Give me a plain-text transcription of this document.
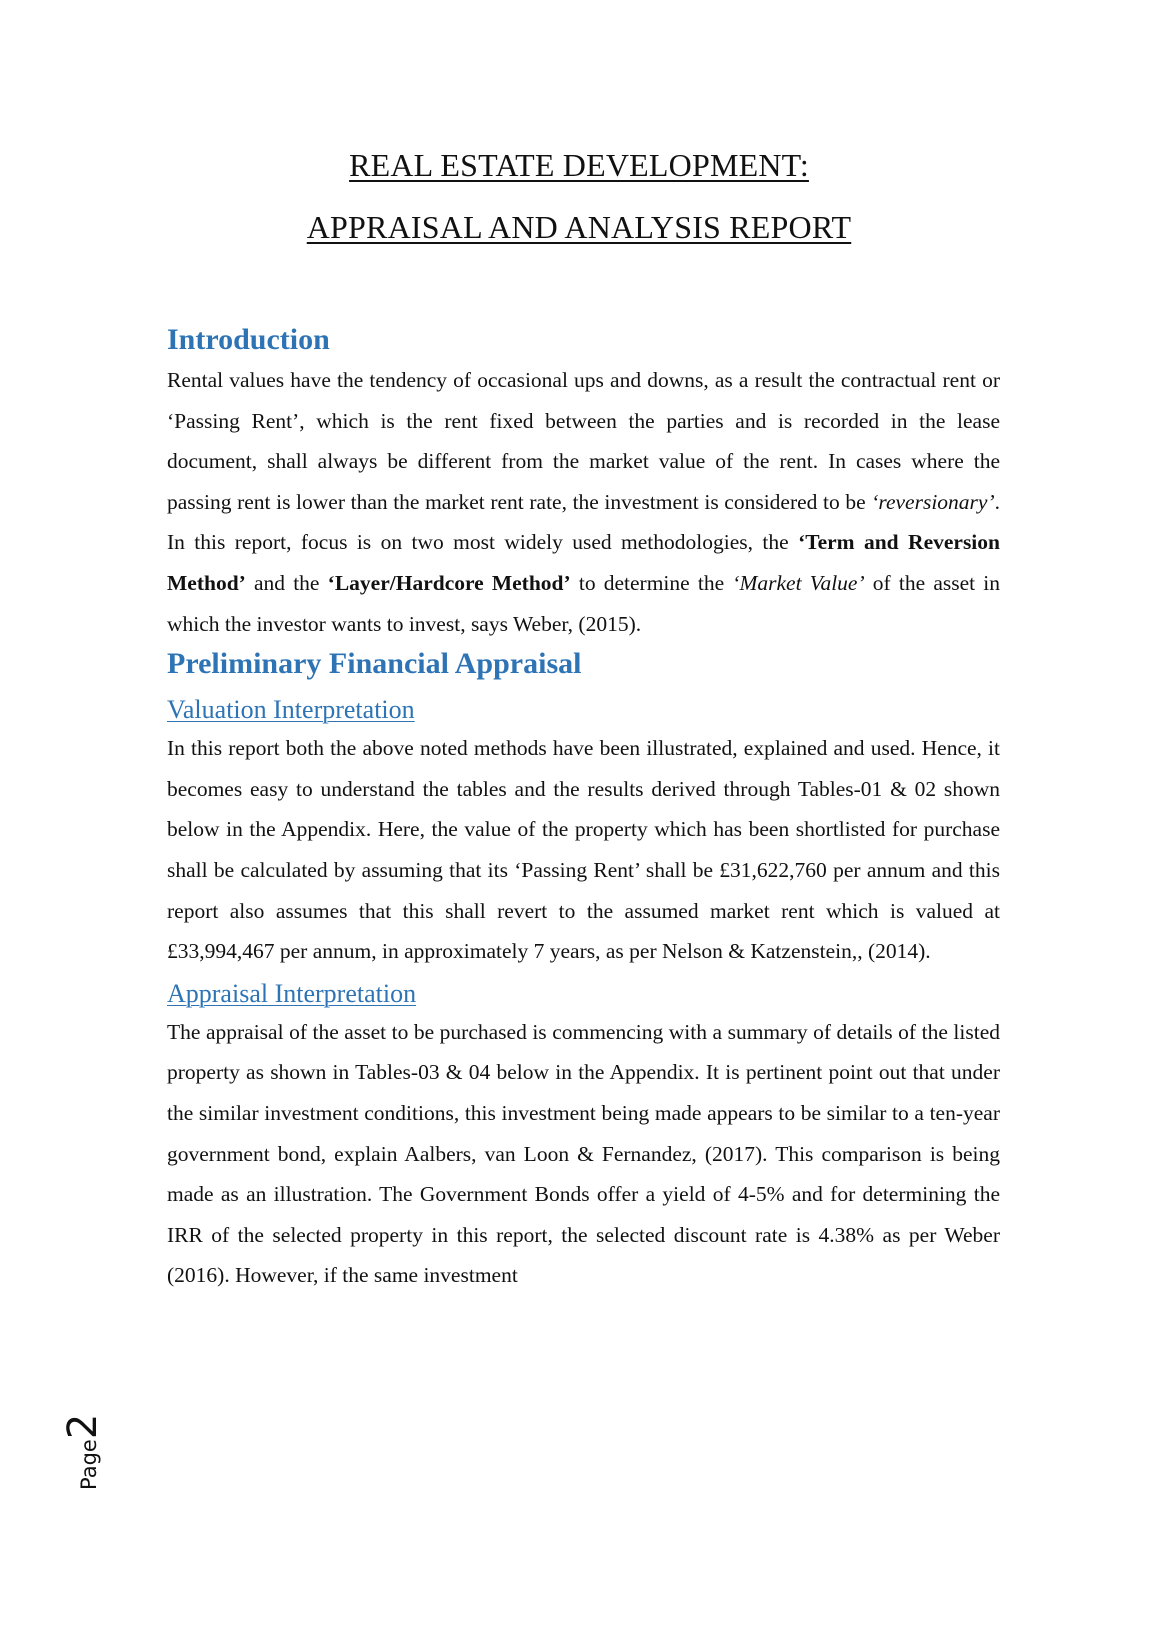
REAL ESTATE DEVELOPMENT:
APPRAISAL AND ANALYSIS REPORT
Introduction

Rental values have the tendency of occasional ups and downs, as a result the contractual rent or ‘Passing Rent’, which is the rent fixed between the parties and is recorded in the lease document, shall always be different from the market value of the rent. In cases where the passing rent is lower than the market rent rate, the investment is considered to be ‘reversionary’. In this report, focus is on two most widely used methodologies, the ‘Term and Reversion Method’ and the ‘Layer/Hardcore Method’ to determine the ‘Market Value’ of the asset in which the investor wants to invest, says Weber, (2015).

Preliminary Financial Appraisal
Valuation Interpretation

In this report both the above noted methods have been illustrated, explained and used. Hence, it becomes easy to understand the tables and the results derived through Tables-01 & 02 shown below in the Appendix. Here, the value of the property which has been shortlisted for purchase shall be calculated by assuming that its ‘Passing Rent’ shall be £31,622,760 per annum and this report also assumes that this shall revert to the assumed market rent which is valued at £33,994,467 per annum, in approximately 7 years, as per Nelson & Katzenstein,, (2014).

Appraisal Interpretation

The appraisal of the asset to be purchased is commencing with a summary of details of the listed property as shown in Tables-03 & 04 below in the Appendix. It is pertinent point out that under the similar investment conditions, this investment being made appears to be similar to a ten-year government bond, explain Aalbers, van Loon & Fernandez, (2017). This comparison is being made as an illustration. The Government Bonds offer a yield of 4-5% and for determining the IRR of the selected property in this report, the selected discount rate is 4.38% as per Weber (2016). However, if the same investment

Page2
